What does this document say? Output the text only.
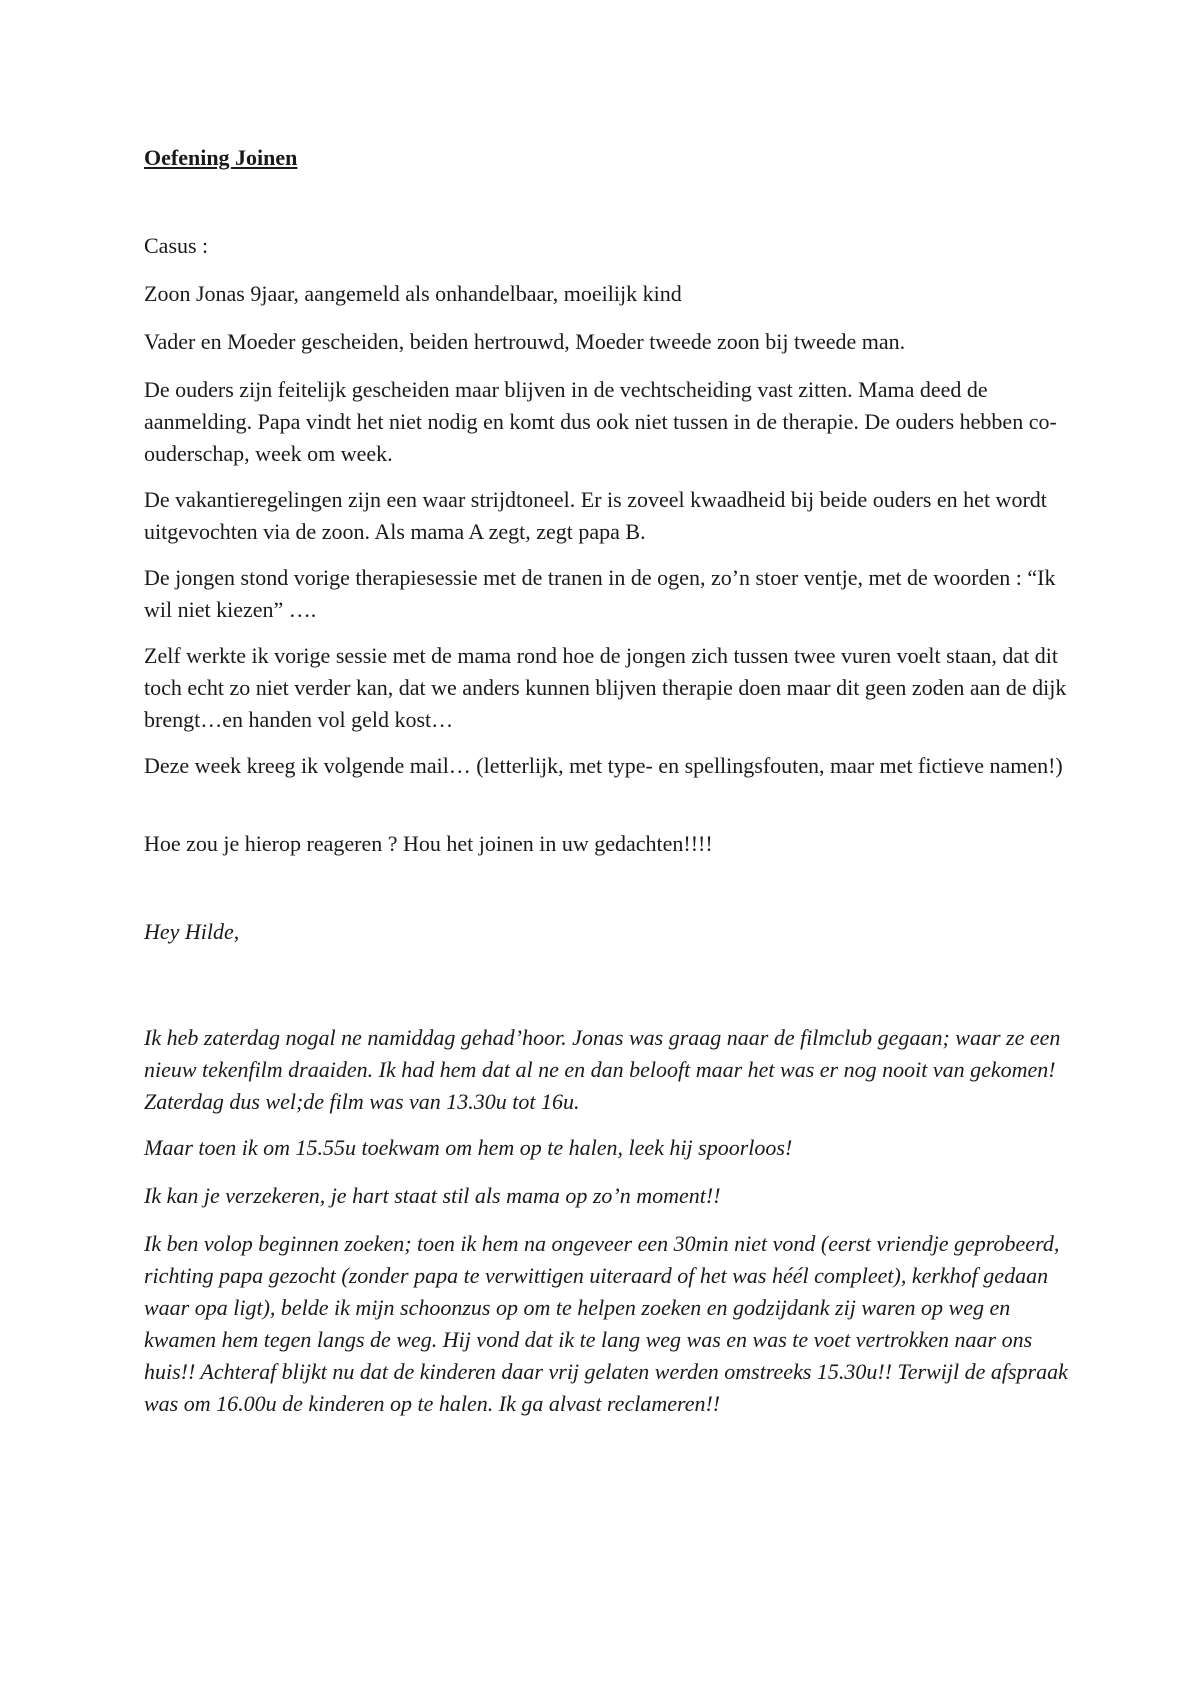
Oefening Joinen

Casus :

Zoon Jonas 9jaar, aangemeld als onhandelbaar, moeilijk kind

Vader en Moeder gescheiden, beiden hertrouwd, Moeder tweede zoon bij tweede man.

De ouders zijn feitelijk gescheiden maar blijven in de vechtscheiding vast zitten. Mama deed de aanmelding. Papa vindt het niet nodig en komt dus ook niet tussen in de therapie. De ouders hebben co-ouderschap, week om week.

De vakantieregelingen zijn een waar strijdtoneel. Er is zoveel kwaadheid bij beide ouders en het wordt uitgevochten via de zoon. Als mama A zegt, zegt papa B.

De jongen stond vorige therapiesessie met de tranen in de ogen, zo’n stoer ventje, met de woorden : “Ik wil niet kiezen” ….

Zelf werkte ik vorige sessie met de mama rond hoe de jongen zich tussen twee vuren voelt staan, dat dit toch echt zo niet verder kan, dat we anders kunnen blijven therapie doen maar dit geen zoden aan de dijk brengt…en handen vol geld kost…

Deze week kreeg ik volgende mail… (letterlijk, met type- en spellingsfouten, maar met fictieve namen!)

Hoe zou je hierop reageren ? Hou het joinen in uw gedachten!!!!

Hey Hilde,

Ik heb zaterdag nogal ne namiddag gehad’hoor. Jonas was graag naar de filmclub gegaan; waar ze een nieuw tekenfilm draaiden. Ik had hem dat al ne en dan belooft maar het was er nog nooit van gekomen! Zaterdag dus wel;de film was van 13.30u tot 16u.

Maar toen ik om 15.55u toekwam om hem op te halen, leek hij spoorloos!

Ik kan je verzekeren, je hart staat stil als mama op zo’n moment!!

Ik ben volop beginnen zoeken; toen ik hem na ongeveer een 30min niet vond (eerst vriendje geprobeerd, richting papa gezocht (zonder papa te verwittigen uiteraard of het was héél compleet), kerkhof gedaan waar opa ligt), belde ik mijn schoonzus op om te helpen zoeken en godzijdank zij waren op weg en kwamen hem tegen langs de weg. Hij vond dat ik te lang weg was en was te voet vertrokken naar ons huis!! Achteraf blijkt nu dat de kinderen daar vrij gelaten werden omstreeks 15.30u!! Terwijl de afspraak was om 16.00u de kinderen op te halen. Ik ga alvast reclameren!!
